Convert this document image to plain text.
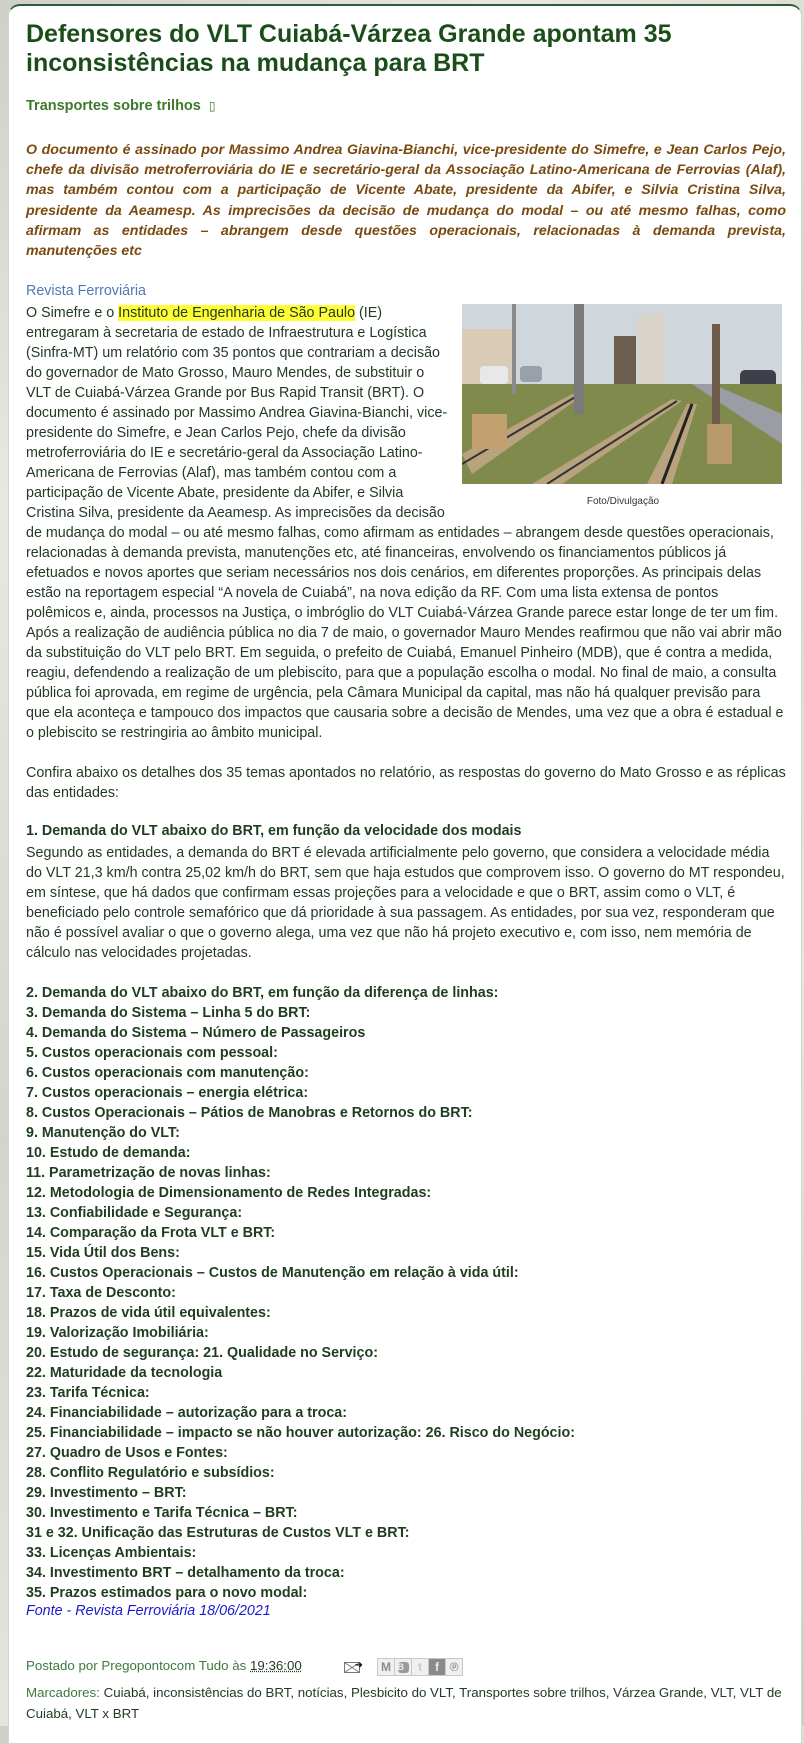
Defensores do VLT Cuiabá-Várzea Grande apontam 35 inconsistências na mudança para BRT
Transportes sobre trilhos ▯

O documento é assinado por Massimo Andrea Giavina-Bianchi, vice-presidente do Simefre, e Jean Carlos Pejo, chefe da divisão metroferroviária do IE e secretário-geral da Associação Latino-Americana de Ferrovias (Alaf), mas também contou com a participação de Vicente Abate, presidente da Abifer, e Silvia Cristina Silva, presidente da Aeamesp. As imprecisões da decisão de mudança do modal – ou até mesmo falhas, como afirmam as entidades – abrangem desde questões operacionais, relacionadas à demanda prevista, manutenções etc

Revista Ferroviária
Foto/Divulgação
O Simefre e o Instituto de Engenharia de São Paulo (IE) entregaram à secretaria de estado de Infraestrutura e Logística (Sinfra-MT) um relatório com 35 pontos que contrariam a decisão do governador de Mato Grosso, Mauro Mendes, de substituir o VLT de Cuiabá-Várzea Grande por Bus Rapid Transit (BRT). O documento é assinado por Massimo Andrea Giavina-Bianchi, vice-presidente do Simefre, e Jean Carlos Pejo, chefe da divisão metroferroviária do IE e secretário-geral da Associação Latino-Americana de Ferrovias (Alaf), mas também contou com a participação de Vicente Abate, presidente da Abifer, e Silvia Cristina Silva, presidente da Aeamesp. As imprecisões da decisão de mudança do modal – ou até mesmo falhas, como afirmam as entidades – abrangem desde questões operacionais, relacionadas à demanda prevista, manutenções etc, até financeiras, envolvendo os financiamentos públicos já efetuados e novos aportes que seriam necessários nos dois cenários, em diferentes proporções. As principais delas estão na reportagem especial “A novela de Cuiabá”, na nova edição da RF. Com uma lista extensa de pontos polêmicos e, ainda, processos na Justiça, o imbróglio do VLT Cuiabá-Várzea Grande parece estar longe de ter um fim. Após a realização de audiência pública no dia 7 de maio, o governador Mauro Mendes reafirmou que não vai abrir mão da substituição do VLT pelo BRT. Em seguida, o prefeito de Cuiabá, Emanuel Pinheiro (MDB), que é contra a medida, reagiu, defendendo a realização de um plebiscito, para que a população escolha o modal. No final de maio, a consulta pública foi aprovada, em regime de urgência, pela Câmara Municipal da capital, mas não há qualquer previsão para que ela aconteça e tampouco dos impactos que causaria sobre a decisão de Mendes, uma vez que a obra é estadual e o plebiscito se restringiria ao âmbito municipal.

Confira abaixo os detalhes dos 35 temas apontados no relatório, as respostas do governo do Mato Grosso e as réplicas das entidades:

1. Demanda do VLT abaixo do BRT, em função da velocidade dos modais

Segundo as entidades, a demanda do BRT é elevada artificialmente pelo governo, que considera a velocidade média do VLT 21,3 km/h contra 25,02 km/h do BRT, sem que haja estudos que comprovem isso. O governo do MT respondeu, em síntese, que há dados que confirmam essas projeções para a velocidade e que o BRT, assim como o VLT, é beneficiado pelo controle semafórico que dá prioridade à sua passagem. As entidades, por sua vez, responderam que não é possível avaliar o que o governo alega, uma vez que não há projeto executivo e, com isso, nem memória de cálculo nas velocidades projetadas.

2. Demanda do VLT abaixo do BRT, em função da diferença de linhas:
3. Demanda do Sistema – Linha 5 do BRT:
4. Demanda do Sistema – Número de Passageiros
5. Custos operacionais com pessoal:
6. Custos operacionais com manutenção:
7. Custos operacionais – energia elétrica:
8. Custos Operacionais – Pátios de Manobras e Retornos do BRT:
9. Manutenção do VLT:
10. Estudo de demanda:
11. Parametrização de novas linhas:
12. Metodologia de Dimensionamento de Redes Integradas:
13. Confiabilidade e Segurança:
14. Comparação da Frota VLT e BRT:
15. Vida Útil dos Bens:
16. Custos Operacionais – Custos de Manutenção em relação à vida útil:
17. Taxa de Desconto:
18. Prazos de vida útil equivalentes:
19. Valorização Imobiliária:
20. Estudo de segurança: 21. Qualidade no Serviço:
22. Maturidade da tecnologia
23. Tarifa Técnica:
24. Financiabilidade – autorização para a troca:
25. Financiabilidade – impacto se não houver autorização: 26. Risco do Negócio:
27. Quadro de Usos e Fontes:
28. Conflito Regulatório e subsídios:
29. Investimento – BRT:
30. Investimento e Tarifa Técnica – BRT:
31 e 32. Unificação das Estruturas de Custos VLT e BRT:
33. Licenças Ambientais:
34. Investimento BRT – detalhamento da troca:
35. Prazos estimados para o novo modal:
Fonte - Revista Ferroviária 18/06/2021
Postado por Pregopontocom Tudo às 19:36:00 ➜	M B	t	f ℗
Marcadores: Cuiabá, inconsistências do BRT, notícias, Plesbicito do VLT, Transportes sobre trilhos, Várzea Grande, VLT, VLT de Cuiabá, VLT x BRT
